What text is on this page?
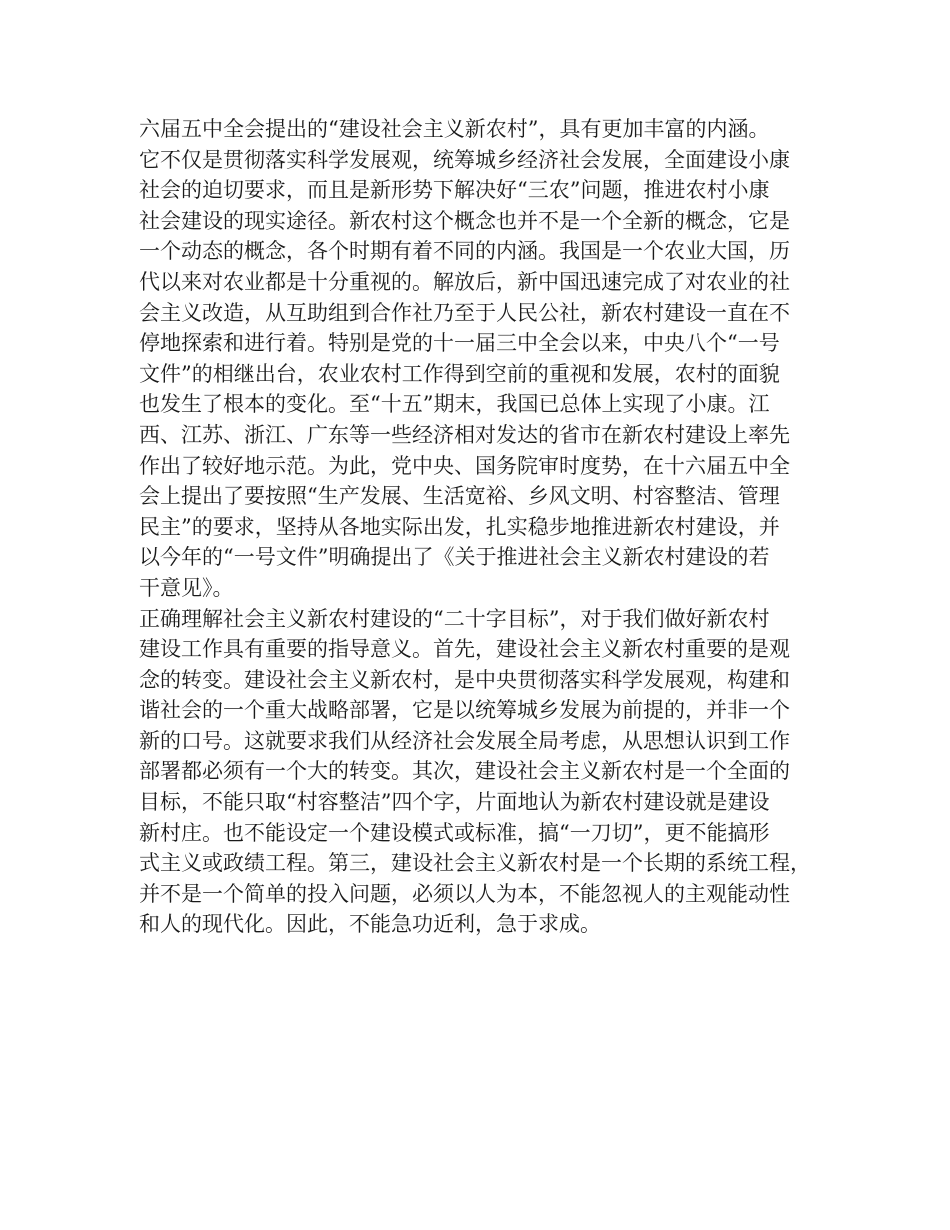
六届五中全会提出的“建设社会主义新农村”，具有更加丰富的内涵。
它不仅是贯彻落实科学发展观，统筹城乡经济社会发展，全面建设小康
社会的迫切要求，而且是新形势下解决好“三农”问题，推进农村小康
社会建设的现实途径。新农村这个概念也并不是一个全新的概念，它是
一个动态的概念，各个时期有着不同的内涵。我国是一个农业大国，历
代以来对农业都是十分重视的。解放后，新中国迅速完成了对农业的社
会主义改造，从互助组到合作社乃至于人民公社，新农村建设一直在不
停地探索和进行着。特别是党的十一届三中全会以来，中央八个“一号
文件”的相继出台，农业农村工作得到空前的重视和发展，农村的面貌
也发生了根本的变化。至“十五”期末，我国已总体上实现了小康。江
西、江苏、浙江、广东等一些经济相对发达的省市在新农村建设上率先
作出了较好地示范。为此，党中央、国务院审时度势，在十六届五中全
会上提出了要按照“生产发展、生活宽裕、乡风文明、村容整洁、管理
民主”的要求，坚持从各地实际出发，扎实稳步地推进新农村建设，并
以今年的“一号文件”明确提出了《关于推进社会主义新农村建设的若
干意见》。
正确理解社会主义新农村建设的“二十字目标”，对于我们做好新农村
建设工作具有重要的指导意义。首先，建设社会主义新农村重要的是观
念的转变。建设社会主义新农村，是中央贯彻落实科学发展观，构建和
谐社会的一个重大战略部署，它是以统筹城乡发展为前提的，并非一个
新的口号。这就要求我们从经济社会发展全局考虑，从思想认识到工作
部署都必须有一个大的转变。其次，建设社会主义新农村是一个全面的
目标，不能只取“村容整洁”四个字，片面地认为新农村建设就是建设
新村庄。也不能设定一个建设模式或标准，搞“一刀切”，更不能搞形
式主义或政绩工程。第三，建设社会主义新农村是一个长期的系统工程，
并不是一个简单的投入问题，必须以人为本，不能忽视人的主观能动性
和人的现代化。因此，不能急功近利，急于求成。
